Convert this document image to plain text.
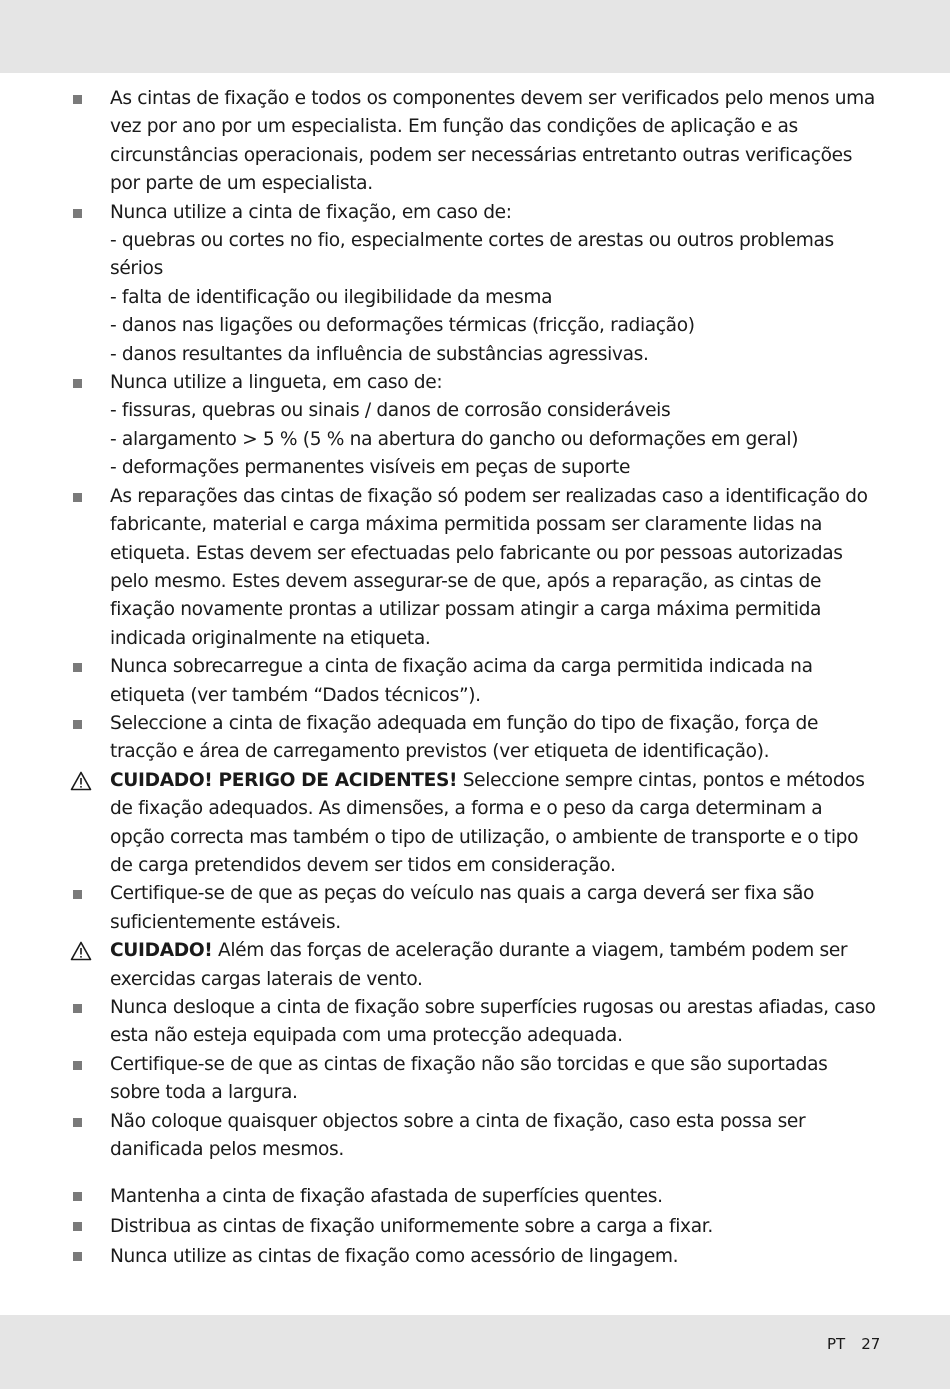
As cintas de fixação e todos os componentes devem ser verificados pelo menos uma vez por ano por um especialista. Em função das condições de aplicação e as circunstâncias operacionais, podem ser necessárias entretanto outras verificações por parte de um especialista.

Nunca utilize a cinta de fixação, em caso de:

- quebras ou cortes no fio, especialmente cortes de arestas ou outros problemas sérios

- falta de identificação ou ilegibilidade da mesma

- danos nas ligações ou deformações térmicas (fricção, radiação)

- danos resultantes da influência de substâncias agressivas.

Nunca utilize a lingueta, em caso de:

- fissuras, quebras ou sinais / danos de corrosão consideráveis

- alargamento > 5 % (5 % na abertura do gancho ou deformações em geral)

- deformações permanentes visíveis em peças de suporte

As reparações das cintas de fixação só podem ser realizadas caso a identificação do fabricante, material e carga máxima permitida possam ser claramente lidas na etiqueta. Estas devem ser efectuadas pelo fabricante ou por pessoas autorizadas pelo mesmo. Estes devem assegurar-se de que, após a reparação, as cintas de fixação novamente prontas a utilizar possam atingir a carga máxima permitida indicada originalmente na etiqueta.

Nunca sobrecarregue a cinta de fixação acima da carga permitida indicada na etiqueta (ver também “Dados técnicos”).

Seleccione a cinta de fixação adequada em função do tipo de fixação, força de tracção e área de carregamento previstos (ver etiqueta de identificação).

CUIDADO! PERIGO DE ACIDENTES! Seleccione sempre cintas, pontos e métodos de fixação adequados. As dimensões, a forma e o peso da carga determinam a opção correcta mas também o tipo de utilização, o ambiente de transporte e o tipo de carga pretendidos devem ser tidos em consideração.

Certifique-se de que as peças do veículo nas quais a carga deverá ser fixa são suficientemente estáveis.

CUIDADO! Além das forças de aceleração durante a viagem, também podem ser exercidas cargas laterais de vento.

Nunca desloque a cinta de fixação sobre superfícies rugosas ou arestas afiadas, caso esta não esteja equipada com uma protecção adequada.

Certifique-se de que as cintas de fixação não são torcidas e que são suportadas sobre toda a largura.

Não coloque quaisquer objectos sobre a cinta de fixação, caso esta possa ser danificada pelos mesmos.

Mantenha a cinta de fixação afastada de superfícies quentes.

Distribua as cintas de fixação uniformemente sobre a carga a fixar.

Nunca utilize as cintas de fixação como acessório de lingagem.

PT 27
